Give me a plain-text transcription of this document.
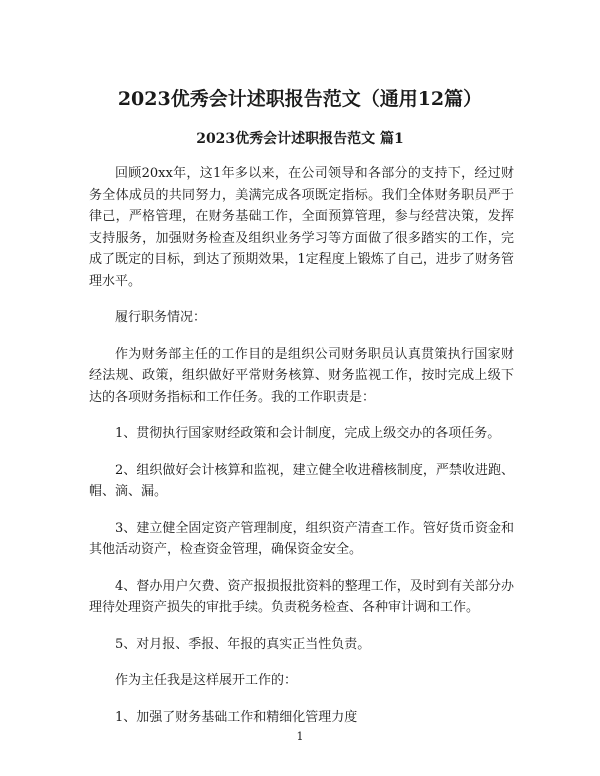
2023优秀会计述职报告范文（通用12篇）
2023优秀会计述职报告范文 篇1

回顾20xx年，这1年多以来，在公司领导和各部分的支持下，经过财务全体成员的共同努力，美满完成各项既定指标。我们全体财务职员严于律己，严格管理，在财务基础工作，全面预算管理，参与经营决策，发挥支持服务，加强财务检查及组织业务学习等方面做了很多踏实的工作，完成了既定的目标，到达了预期效果，1定程度上锻炼了自己，进步了财务管理水平。

履行职务情况：

作为财务部主任的工作目的是组织公司财务职员认真贯策执行国家财经法规、政策，组织做好平常财务核算、财务监视工作，按时完成上级下达的各项财务指标和工作任务。我的工作职责是：

1、贯彻执行国家财经政策和会计制度，完成上级交办的各项任务。

2、组织做好会计核算和监视，建立健全收进稽核制度，严禁收进跑、帽、滴、漏。

3、建立健全固定资产管理制度，组织资产清查工作。管好货币资金和其他活动资产，检查资金管理，确保资金安全。

4、督办用户欠费、资产报损报批资料的整理工作，及时到有关部分办理待处理资产损失的审批手续。负责税务检查、各种审计调和工作。

5、对月报、季报、年报的真实正当性负责。

作为主任我是这样展开工作的：

1、加强了财务基础工作和精细化管理力度

1
